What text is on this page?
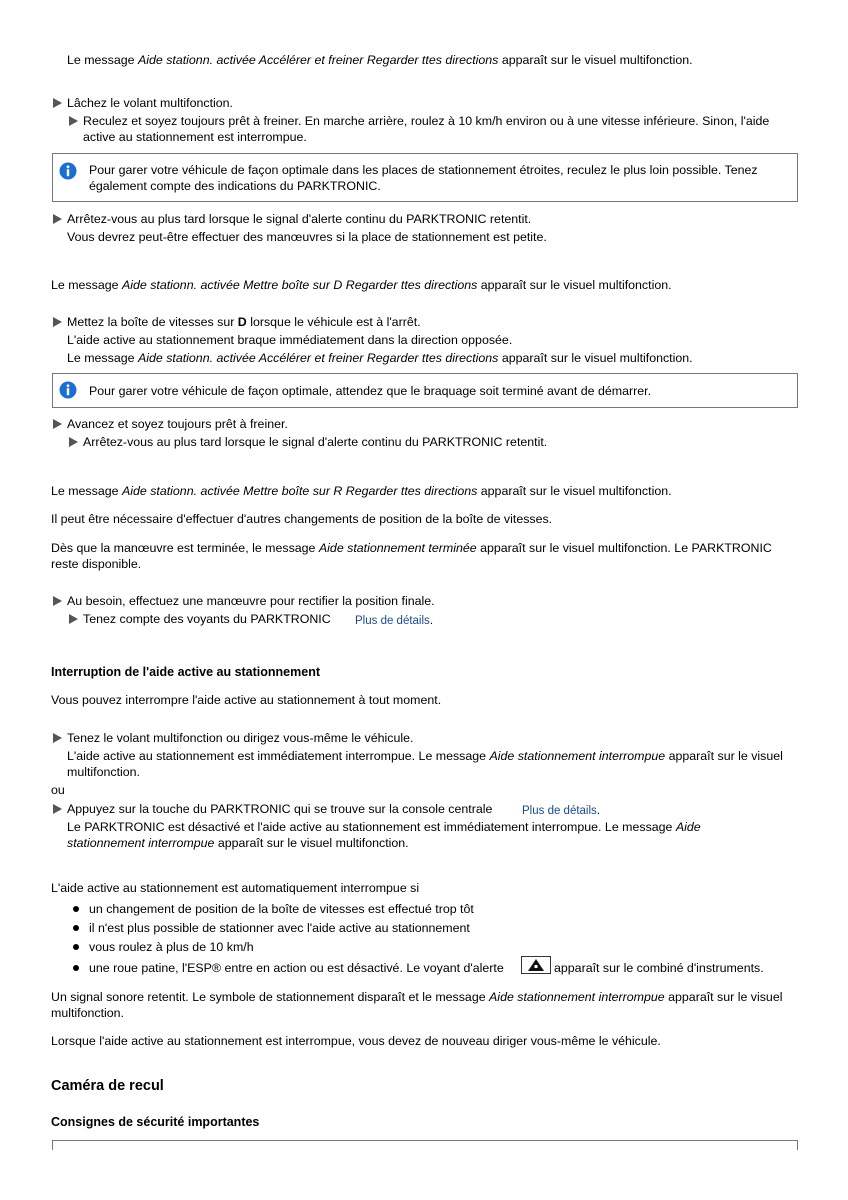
Le message Aide stationn. activée Accélérer et freiner Regarder ttes directions apparaît sur le visuel multifonction.

Lâchez le volant multifonction.

Reculez et soyez toujours prêt à freiner. En marche arrière, roulez à 10 km/h environ ou à une vitesse inférieure. Sinon, l'aide active au stationnement est interrompue.

Pour garer votre véhicule de façon optimale dans les places de stationnement étroites, reculez le plus loin possible. Tenez également compte des indications du PARKTRONIC.

Arrêtez-vous au plus tard lorsque le signal d'alerte continu du PARKTRONIC retentit.

Vous devrez peut-être effectuer des manœuvres si la place de stationnement est petite.

Le message Aide stationn. activée Mettre boîte sur D Regarder ttes directions apparaît sur le visuel multifonction.

Mettez la boîte de vitesses sur D lorsque le véhicule est à l'arrêt.

L'aide active au stationnement braque immédiatement dans la direction opposée.

Le message Aide stationn. activée Accélérer et freiner Regarder ttes directions apparaît sur le visuel multifonction.

Pour garer votre véhicule de façon optimale, attendez que le braquage soit terminé avant de démarrer.

Avancez et soyez toujours prêt à freiner.

Arrêtez-vous au plus tard lorsque le signal d'alerte continu du PARKTRONIC retentit.

Le message Aide stationn. activée Mettre boîte sur R Regarder ttes directions apparaît sur le visuel multifonction.

Il peut être nécessaire d'effectuer d'autres changements de position de la boîte de vitesses.

Dès que la manœuvre est terminée, le message Aide stationnement terminée apparaît sur le visuel multifonction. Le PARKTRONIC reste disponible.

Au besoin, effectuez une manœuvre pour rectifier la position finale.

Tenez compte des voyants du PARKTRONIC Plus de détails.

Interruption de l'aide active au stationnement

Vous pouvez interrompre l'aide active au stationnement à tout moment.

Tenez le volant multifonction ou dirigez vous-même le véhicule.

L'aide active au stationnement est immédiatement interrompue. Le message Aide stationnement interrompue apparaît sur le visuel multifonction.

ou

Appuyez sur la touche du PARKTRONIC qui se trouve sur la console centrale	Plus de détails.

Le PARKTRONIC est désactivé et l'aide active au stationnement est immédiatement interrompue. Le message Aide stationnement interrompue apparaît sur le visuel multifonction.

L'aide active au stationnement est automatiquement interrompue si

un changement de position de la boîte de vitesses est effectué trop tôt

il n'est plus possible de stationner avec l'aide active au stationnement

vous roulez à plus de 10 km/h

une roue patine, l'ESP® entre en action ou est désactivé. Le voyant d'alerte	apparaît sur le combiné d'instruments.

Un signal sonore retentit. Le symbole de stationnement disparaît et le message Aide stationnement interrompue apparaît sur le visuel multifonction.

Lorsque l'aide active au stationnement est interrompue, vous devez de nouveau diriger vous-même le véhicule.

Caméra de recul
Consignes de sécurité importantes
